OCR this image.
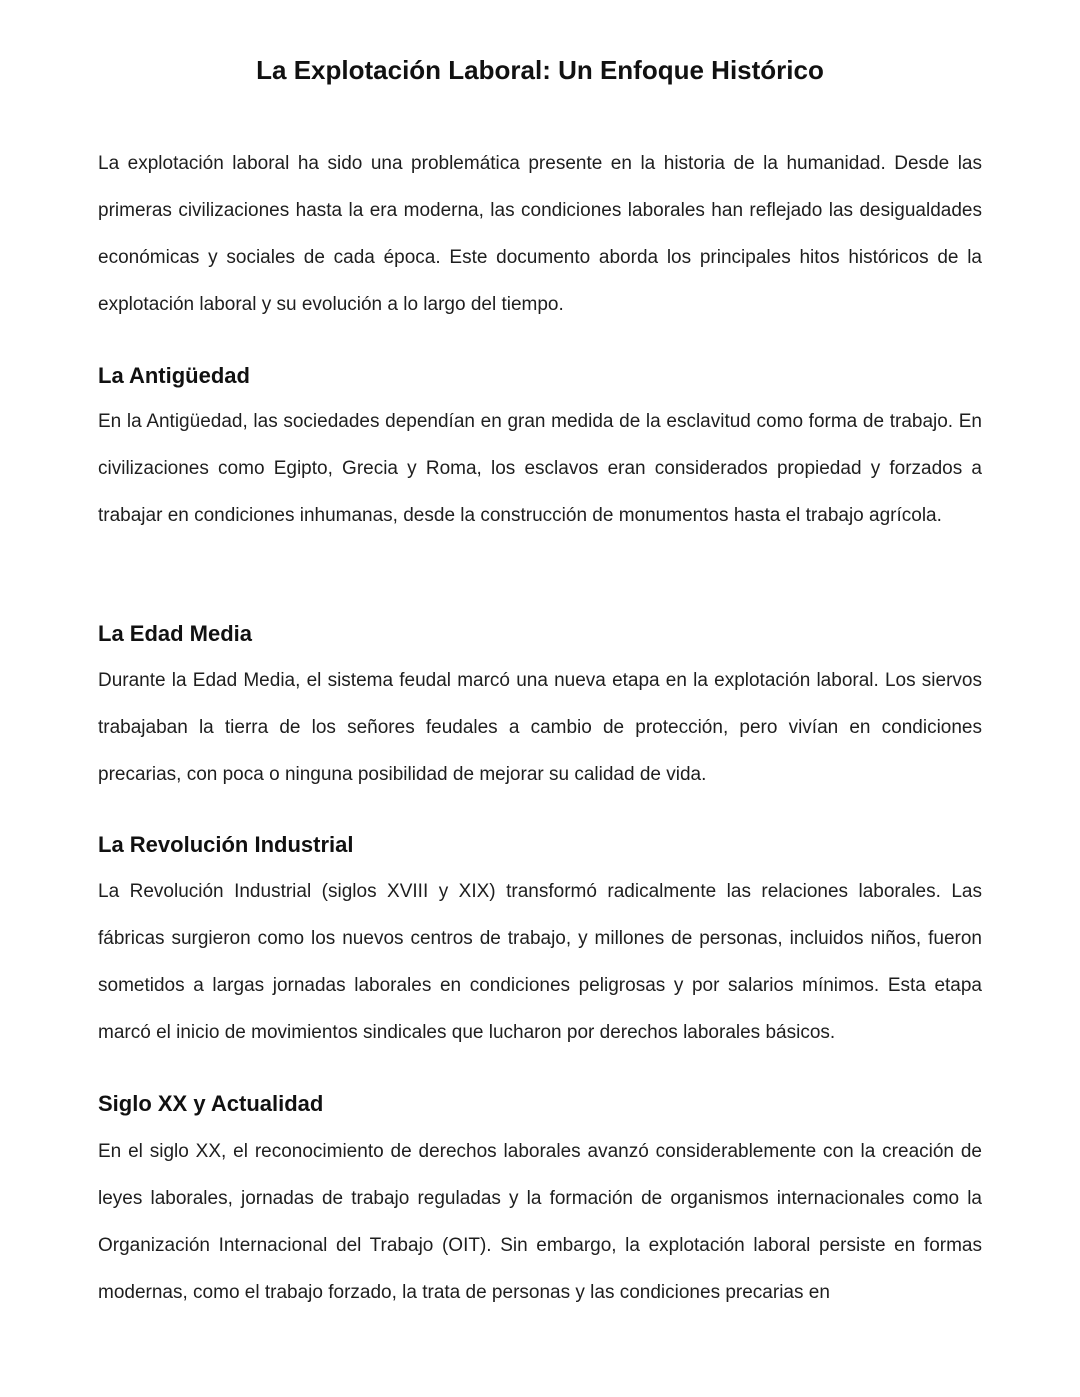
La Explotación Laboral: Un Enfoque Histórico

La explotación laboral ha sido una problemática presente en la historia de la humanidad. Desde las primeras civilizaciones hasta la era moderna, las condiciones laborales han reflejado las desigualdades económicas y sociales de cada época. Este documento aborda los principales hitos históricos de la explotación laboral y su evolución a lo largo del tiempo.

La Antigüedad

En la Antigüedad, las sociedades dependían en gran medida de la esclavitud como forma de trabajo. En civilizaciones como Egipto, Grecia y Roma, los esclavos eran considerados propiedad y forzados a trabajar en condiciones inhumanas, desde la construcción de monumentos hasta el trabajo agrícola.

La Edad Media

Durante la Edad Media, el sistema feudal marcó una nueva etapa en la explotación laboral. Los siervos trabajaban la tierra de los señores feudales a cambio de protección, pero vivían en condiciones precarias, con poca o ninguna posibilidad de mejorar su calidad de vida.

La Revolución Industrial

La Revolución Industrial (siglos XVIII y XIX) transformó radicalmente las relaciones laborales. Las fábricas surgieron como los nuevos centros de trabajo, y millones de personas, incluidos niños, fueron sometidos a largas jornadas laborales en condiciones peligrosas y por salarios mínimos. Esta etapa marcó el inicio de movimientos sindicales que lucharon por derechos laborales básicos.

Siglo XX y Actualidad

En el siglo XX, el reconocimiento de derechos laborales avanzó considerablemente con la creación de leyes laborales, jornadas de trabajo reguladas y la formación de organismos internacionales como la Organización Internacional del Trabajo (OIT). Sin embargo, la explotación laboral persiste en formas modernas, como el trabajo forzado, la trata de personas y las condiciones precarias en
